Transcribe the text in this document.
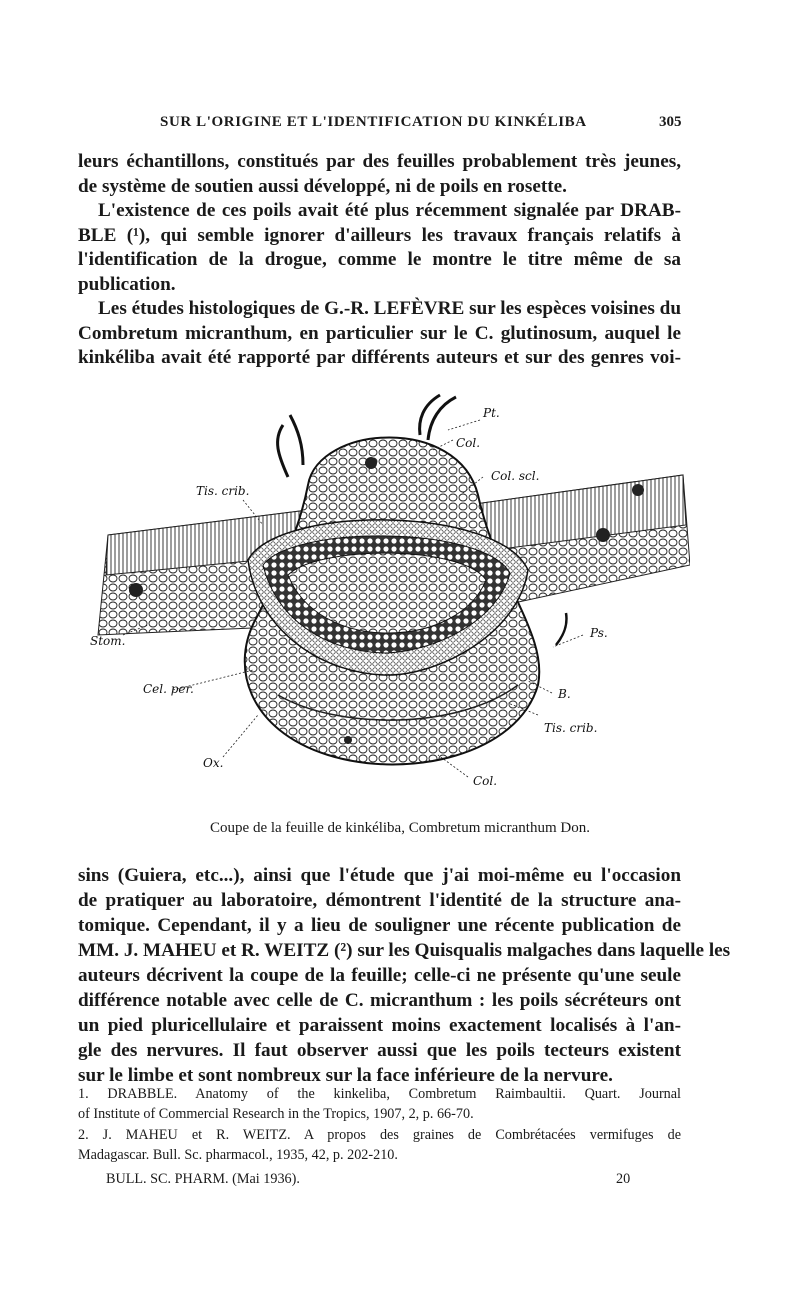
SUR L'ORIGINE ET L'IDENTIFICATION DU KINKÉLIBA	305
leurs échantillons, constitués par des feuilles probablement très jeunes,
de système de soutien aussi développé, ni de poils en rosette.
L'existence de ces poils avait été plus récemment signalée par DRAB-
BLE (¹), qui semble ignorer d'ailleurs les travaux français relatifs à
l'identification de la drogue, comme le montre le titre même de sa
publication.
Les études histologiques de G.-R. LEFÈVRE sur les espèces voisines du
Combretum micranthum, en particulier sur le C. glutinosum, auquel le
kinkéliba avait été rapporté par différents auteurs et sur des genres voi-
Pt.
Col.
Col. scl.
Tis. crib.
Stom.
Ps.
B.
Tis. crib.
Cel. per.
Ox.
Col.
Coupe de la feuille de kinkéliba, Combretum micranthum Don.
sins (Guiera, etc...), ainsi que l'étude que j'ai moi-même eu l'occasion
de pratiquer au laboratoire, démontrent l'identité de la structure ana-
tomique. Cependant, il y a lieu de souligner une récente publication de
MM. J. MAHEU et R. WEITZ (²) sur les Quisqualis malgaches dans laquelle les
auteurs décrivent la coupe de la feuille; celle-ci ne présente qu'une seule
différence notable avec celle de C. micranthum : les poils sécréteurs ont
un pied pluricellulaire et paraissent moins exactement localisés à l'an-
gle des nervures. Il faut observer aussi que les poils tecteurs existent
sur le limbe et sont nombreux sur la face inférieure de la nervure.
1. DRABBLE. Anatomy of the kinkeliba, Combretum Raimbaultii. Quart. Journal
of Institute of Commercial Research in the Tropics, 1907, 2, p. 66-70.
2. J. MAHEU et R. WEITZ. A propos des graines de Combrétacées vermifuges de
Madagascar. Bull. Sc. pharmacol., 1935, 42, p. 202-210.
BULL. SC. PHARM. (Mai 1936).	20
